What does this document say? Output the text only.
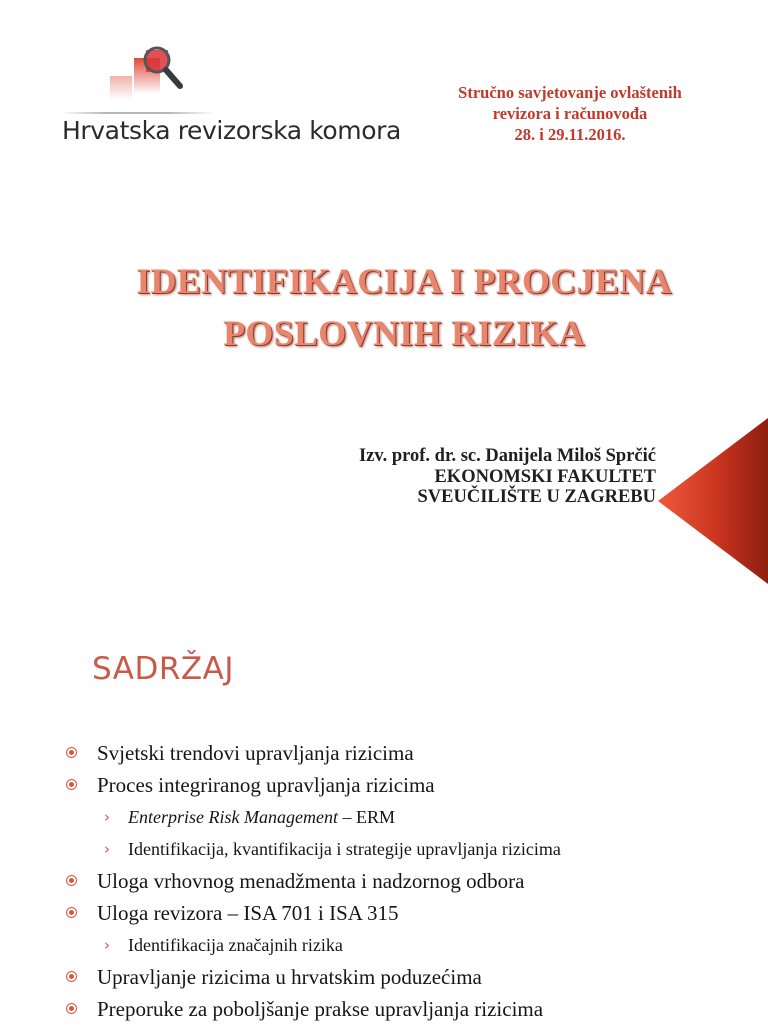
Hrvatska revizorska komora
Stručno savjetovanje ovlaštenih
revizora i računovođa
28. i 29.11.2016.
IDENTIFIKACIJA I PROCJENA
POSLOVNIH RIZIKA
Izv. prof. dr. sc. Danijela Miloš Sprčić
EKONOMSKI FAKULTET
SVEUČILIŠTE U ZAGREBU
SADRŽAJ
Svjetski trendovi upravljanja rizicima
Proces integriranog upravljanja rizicima
› Enterprise Risk Management – ERM
› Identifikacija, kvantifikacija i strategije upravljanja rizicima
Uloga vrhovnog menadžmenta i nadzornog odbora
Uloga revizora – ISA 701 i ISA 315
› Identifikacija značajnih rizika
Upravljanje rizicima u hrvatskim poduzećima
Preporuke za poboljšanje prakse upravljanja rizicima
